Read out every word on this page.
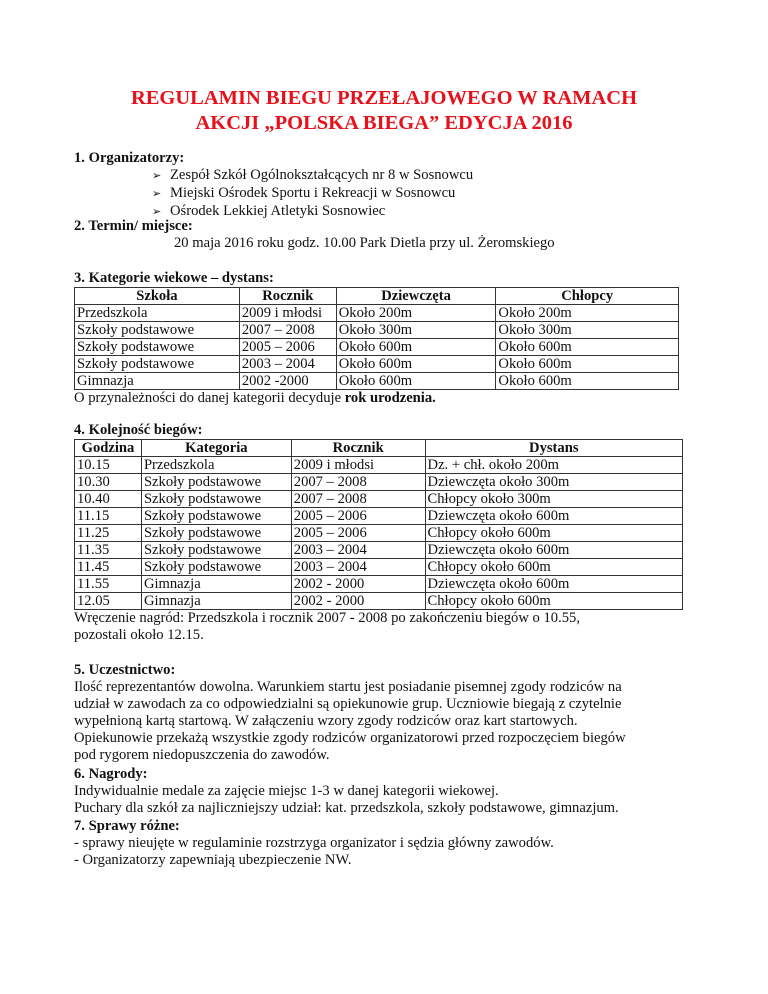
REGULAMIN BIEGU PRZEŁAJOWEGO W RAMACH
AKCJI „POLSKA BIEGA” EDYCJA 2016
1. Organizatorzy:
➢ Zespół Szkół Ogólnokształcących nr 8 w Sosnowcu
➢ Miejski Ośrodek Sportu i Rekreacji w Sosnowcu
➢ Ośrodek Lekkiej Atletyki Sosnowiec
2. Termin/ miejsce:
20 maja 2016 roku godz. 10.00 Park Dietla przy ul. Żeromskiego
3. Kategorie wiekowe – dystans:
Szkoła	Rocznik	Dziewczęta	Chłopcy
Przedszkola	2009 i młodsi	Około 200m	Około 200m
Szkoły podstawowe	2007 – 2008	Około 300m	Około 300m
Szkoły podstawowe	2005 – 2006	Około 600m	Około 600m
Szkoły podstawowe	2003 – 2004	Około 600m	Około 600m
Gimnazja	2002 -2000	Około 600m	Około 600m
O przynależności do danej kategorii decyduje rok urodzenia.
4. Kolejność biegów:
Godzina	Kategoria	Rocznik	Dystans
10.15	Przedszkola	2009 i młodsi	Dz. + chł. około 200m
10.30	Szkoły podstawowe	2007 – 2008	Dziewczęta około 300m
10.40	Szkoły podstawowe	2007 – 2008	Chłopcy około 300m
11.15	Szkoły podstawowe	2005 – 2006	Dziewczęta około 600m
11.25	Szkoły podstawowe	2005 – 2006	Chłopcy około 600m
11.35	Szkoły podstawowe	2003 – 2004	Dziewczęta około 600m
11.45	Szkoły podstawowe	2003 – 2004	Chłopcy około 600m
11.55	Gimnazja	2002 - 2000	Dziewczęta około 600m
12.05	Gimnazja	2002 - 2000	Chłopcy około 600m
Wręczenie nagród: Przedszkola i rocznik 2007 - 2008 po zakończeniu biegów o 10.55,
pozostali około 12.15.
5. Uczestnictwo:

Ilość reprezentantów dowolna. Warunkiem startu jest posiadanie pisemnej zgody rodziców na

udział w zawodach za co odpowiedzialni są opiekunowie grup. Uczniowie biegają z czytelnie

wypełnioną kartą startową. W załączeniu wzory zgody rodziców oraz kart startowych.

Opiekunowie przekażą wszystkie zgody rodziców organizatorowi przed rozpoczęciem biegów

pod rygorem niedopuszczenia do zawodów.

6. Nagrody:

Indywidualnie medale za zajęcie miejsc 1-3 w danej kategorii wiekowej.

Puchary dla szkół za najliczniejszy udział: kat. przedszkola, szkoły podstawowe, gimnazjum.

7. Sprawy różne:

- sprawy nieujęte w regulaminie rozstrzyga organizator i sędzia główny zawodów.

- Organizatorzy zapewniają ubezpieczenie NW.
